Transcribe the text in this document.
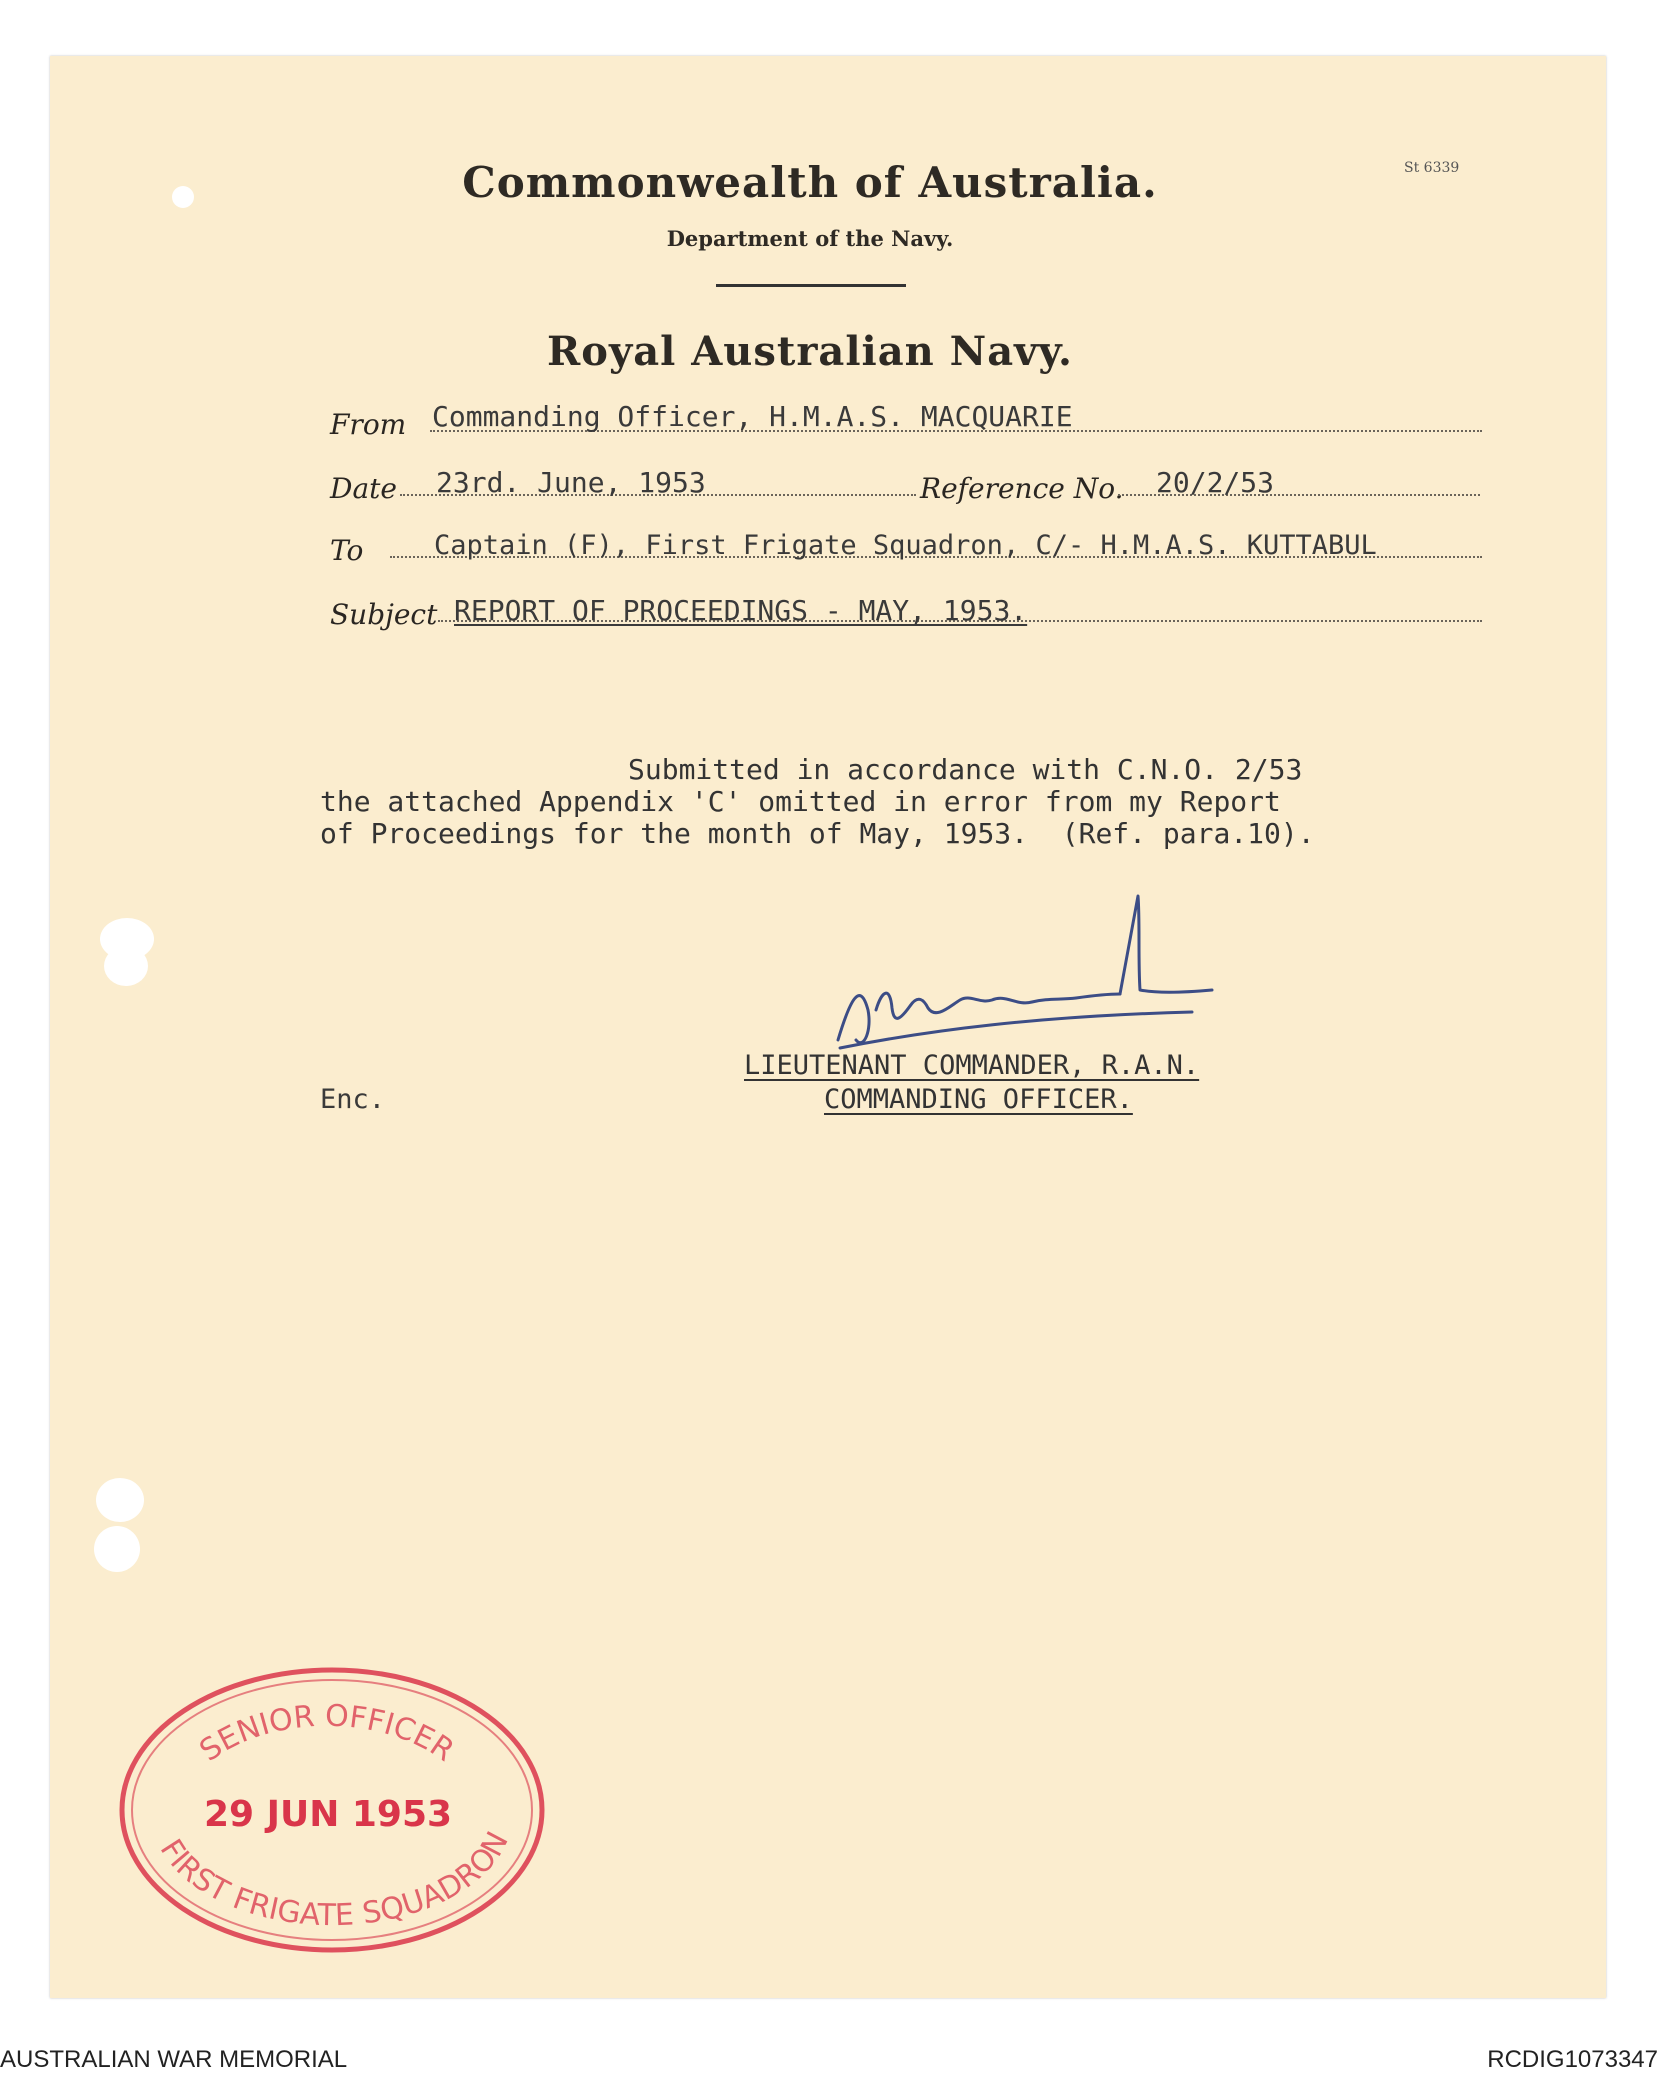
St 6339
Commonwealth of Australia.
Department of the Navy.
Royal Australian Navy.
From Commanding Officer, H.M.A.S. MACQUARIE
Date 23rd. June, 1953	Reference No. 20/2/53
To	Captain (F), First Frigate Squadron, C/- H.M.A.S. KUTTABUL
Subject REPORT OF PROCEEDINGS - MAY, 1953.
Submitted in accordance with C.N.O. 2/53
the attached Appendix 'C' omitted in error from my Report
of Proceedings for the month of May, 1953.  (Ref. para.10).
LIEUTENANT COMMANDER, R.A.N.
COMMANDING OFFICER.
Enc.
SENIOR OFFICER
29 JUN 1953
FIRST FRIGATE SQUADRON
AUSTRALIAN WAR MEMORIAL	RCDIG1073347
